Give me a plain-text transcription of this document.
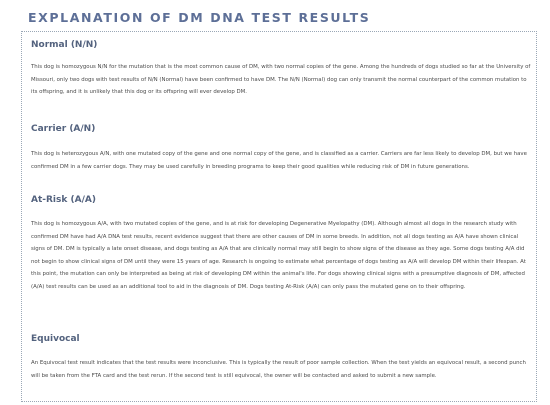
EXPLANATION OF DM DNA TEST RESULTS
Normal (N/N)

This dog is homozygous N/N for the mutation that is the most common cause of DM, with two normal copies of the gene. Among the hundreds of dogs studied so far at the University of Missouri, only two dogs with test results of N/N (Normal) have been confirmed to have DM. The N/N (Normal) dog can only transmit the normal counterpart of the common mutation to its offspring, and it is unlikely that this dog or its offspring will ever develop DM.

Carrier (A/N)

This dog is heterozygous A/N, with one mutated copy of the gene and one normal copy of the gene, and is classified as a carrier. Carriers are far less likely to develop DM, but we have confirmed DM in a few carrier dogs. They may be used carefully in breeding programs to keep their good qualities while reducing risk of DM in future generations.

At-Risk (A/A)

This dog is homozygous A/A, with two mutated copies of the gene, and is at risk for developing Degenerative Myelopathy (DM). Although almost all dogs in the research study with confirmed DM have had A/A DNA test results, recent evidence suggest that there are other causes of DM in some breeds. In addition, not all dogs testing as A/A have shown clinical signs of DM. DM is typically a late onset disease, and dogs testing as A/A that are clinically normal may still begin to show signs of the disease as they age. Some dogs testing A/A did not begin to show clinical signs of DM until they were 15 years of age. Research is ongoing to estimate what percentage of dogs testing as A/A will develop DM within their lifespan. At this point, the mutation can only be interpreted as being at risk of developing DM within the animal's life. For dogs showing clinical signs with a presumptive diagnosis of DM, affected (A/A) test results can be used as an additional tool to aid in the diagnosis of DM. Dogs testing At-Risk (A/A) can only pass the mutated gene on to their offspring.

Equivocal

An Equivocal test result indicates that the test results were inconclusive. This is typically the result of poor sample collection. When the test yields an equivocal result, a second punch will be taken from the FTA card and the test rerun. If the second test is still equivocal, the owner will be contacted and asked to submit a new sample.
